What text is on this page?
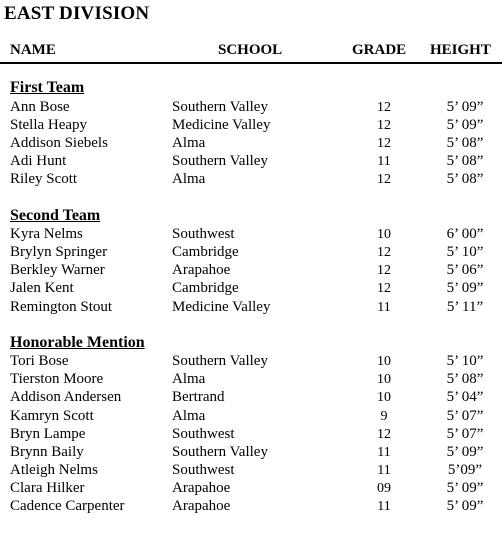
EAST DIVISION
NAME	SCHOOL	GRADE HEIGHT
First Team
Ann Bose	Southern Valley	12	5’ 09”
Stella Heapy	Medicine Valley	12	5’ 09”
Addison Siebels	Alma	12	5’ 08”
Adi Hunt	Southern Valley	11	5’ 08”
Riley Scott	Alma	12	5’ 08”
Second Team
Kyra Nelms	Southwest	10	6’ 00”
Brylyn Springer	Cambridge	12	5’ 10”
Berkley Warner	Arapahoe	12	5’ 06”
Jalen Kent	Cambridge	12	5’ 09”
Remington Stout	Medicine Valley	11	5’ 11”
Honorable Mention
Tori Bose	Southern Valley	10	5’ 10”
Tierston Moore	Alma	10	5’ 08”
Addison Andersen	Bertrand	10	5’ 04”
Kamryn Scott	Alma	9	5’ 07”
Bryn Lampe	Southwest	12	5’ 07”
Brynn Baily	Southern Valley	11	5’ 09”
Atleigh Nelms	Southwest	11	5’09”
Clara Hilker	Arapahoe	09	5’ 09”
Cadence Carpenter	Arapahoe	11	5’ 09”
